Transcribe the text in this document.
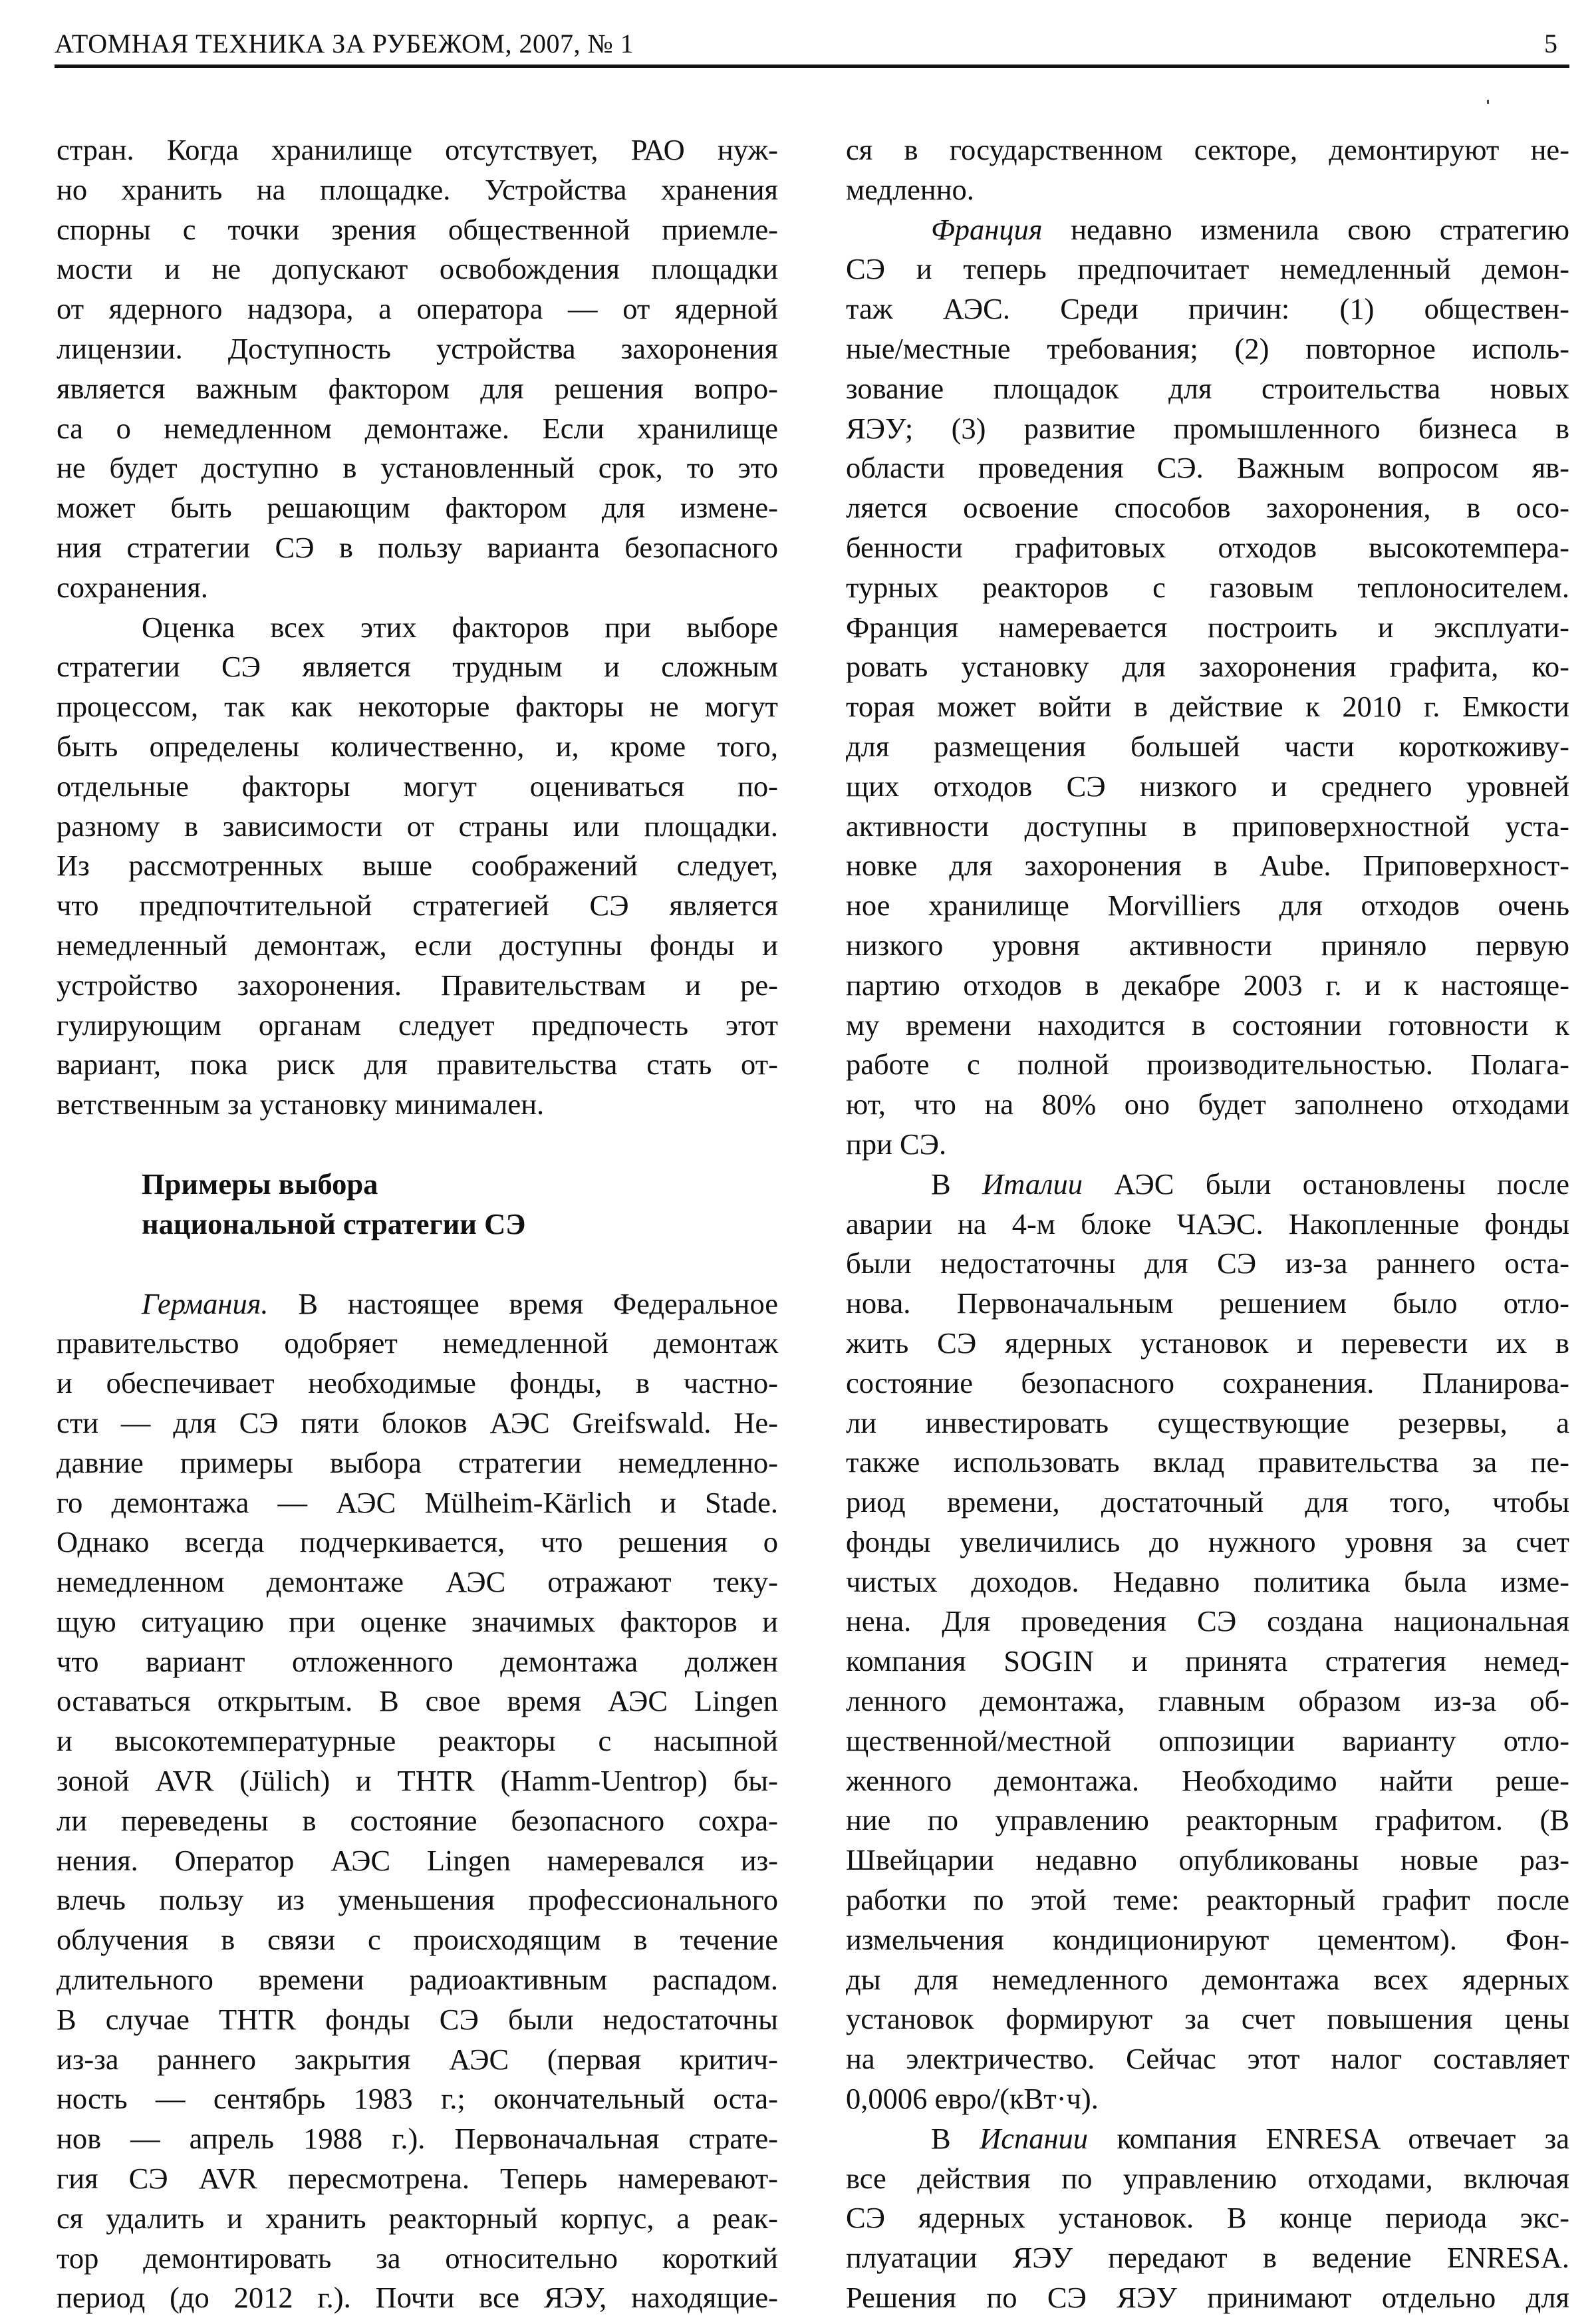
АТОМНАЯ ТЕХНИКА ЗА РУБЕЖОМ, 2007, № 1	5
стран. Когда хранилище отсутствует, РАО нуж-
но хранить на площадке. Устройства хранения
спорны с точки зрения общественной приемле-
мости и не допускают освобождения площадки
от ядерного надзора, а оператора — от ядерной
лицензии. Доступность устройства захоронения
является важным фактором для решения вопро-
са о немедленном демонтаже. Если хранилище
не будет доступно в установленный срок, то это
может быть решающим фактором для измене-
ния стратегии СЭ в пользу варианта безопасного
сохранения.
Оценка всех этих факторов при выборе
стратегии СЭ является трудным и сложным
процессом, так как некоторые факторы не могут
быть определены количественно, и, кроме того,
отдельные факторы могут оцениваться по-
разному в зависимости от страны или площадки.
Из рассмотренных выше соображений следует,
что предпочтительной стратегией СЭ является
немедленный демонтаж, если доступны фонды и
устройство захоронения. Правительствам и ре-
гулирующим органам следует предпочесть этот
вариант, пока риск для правительства стать от-
ветственным за установку минимален.
Примеры выбора
национальной стратегии СЭ
Германия. В настоящее время Федеральное
правительство одобряет немедленной демонтаж
и обеспечивает необходимые фонды, в частно-
сти — для СЭ пяти блоков АЭС Greifswald. Не-
давние примеры выбора стратегии немедленно-
го демонтажа — АЭС Mülheim-Kärlich и Stade.
Однако всегда подчеркивается, что решения о
немедленном демонтаже АЭС отражают теку-
щую ситуацию при оценке значимых факторов и
что вариант отложенного демонтажа должен
оставаться открытым. В свое время АЭС Lingen
и высокотемпературные реакторы с насыпной
зоной AVR (Jülich) и THTR (Hamm-Uentrop) бы-
ли переведены в состояние безопасного сохра-
нения. Оператор АЭС Lingen намеревался из-
влечь пользу из уменьшения профессионального
облучения в связи с происходящим в течение
длительного времени радиоактивным распадом.
В случае THTR фонды СЭ были недостаточны
из-за раннего закрытия АЭС (первая критич-
ность — сентябрь 1983 г.; окончательный оста-
нов — апрель 1988 г.). Первоначальная страте-
гия СЭ AVR пересмотрена. Теперь намеревают-
ся удалить и хранить реакторный корпус, а реак-
тор демонтировать за относительно короткий
период (до 2012 г.). Почти все ЯЭУ, находящие-
ся в государственном секторе, демонтируют не-
медленно.
Франция недавно изменила свою стратегию
СЭ и теперь предпочитает немедленный демон-
таж АЭС. Среди причин: (1) обществен-
ные/местные требования; (2) повторное исполь-
зование площадок для строительства новых
ЯЭУ; (3) развитие промышленного бизнеса в
области проведения СЭ. Важным вопросом яв-
ляется освоение способов захоронения, в осо-
бенности графитовых отходов высокотемпера-
турных реакторов с газовым теплоносителем.
Франция намеревается построить и эксплуати-
ровать установку для захоронения графита, ко-
торая может войти в действие к 2010 г. Емкости
для размещения большей части короткоживу-
щих отходов СЭ низкого и среднего уровней
активности доступны в приповерхностной уста-
новке для захоронения в Aube. Приповерхност-
ное хранилище Morvilliers для отходов очень
низкого уровня активности приняло первую
партию отходов в декабре 2003 г. и к настояще-
му времени находится в состоянии готовности к
работе с полной производительностью. Полага-
ют, что на 80% оно будет заполнено отходами
при СЭ.
В Италии АЭС были остановлены после
аварии на 4-м блоке ЧАЭС. Накопленные фонды
были недостаточны для СЭ из-за раннего оста-
нова. Первоначальным решением было отло-
жить СЭ ядерных установок и перевести их в
состояние безопасного сохранения. Планирова-
ли инвестировать существующие резервы, а
также использовать вклад правительства за пе-
риод времени, достаточный для того, чтобы
фонды увеличились до нужного уровня за счет
чистых доходов. Недавно политика была изме-
нена. Для проведения СЭ создана национальная
компания SOGIN и принята стратегия немед-
ленного демонтажа, главным образом из-за об-
щественной/местной оппозиции варианту отло-
женного демонтажа. Необходимо найти реше-
ние по управлению реакторным графитом. (В
Швейцарии недавно опубликованы новые раз-
работки по этой теме: реакторный графит после
измельчения кондиционируют цементом). Фон-
ды для немедленного демонтажа всех ядерных
установок формируют за счет повышения цены
на электричество. Сейчас этот налог составляет
0,0006 евро/(кВт·ч).
В Испании компания ENRESA отвечает за
все действия по управлению отходами, включая
СЭ ядерных установок. В конце периода экс-
плуатации ЯЭУ передают в ведение ENRESA.
Решения по СЭ ЯЭУ принимают отдельно для
